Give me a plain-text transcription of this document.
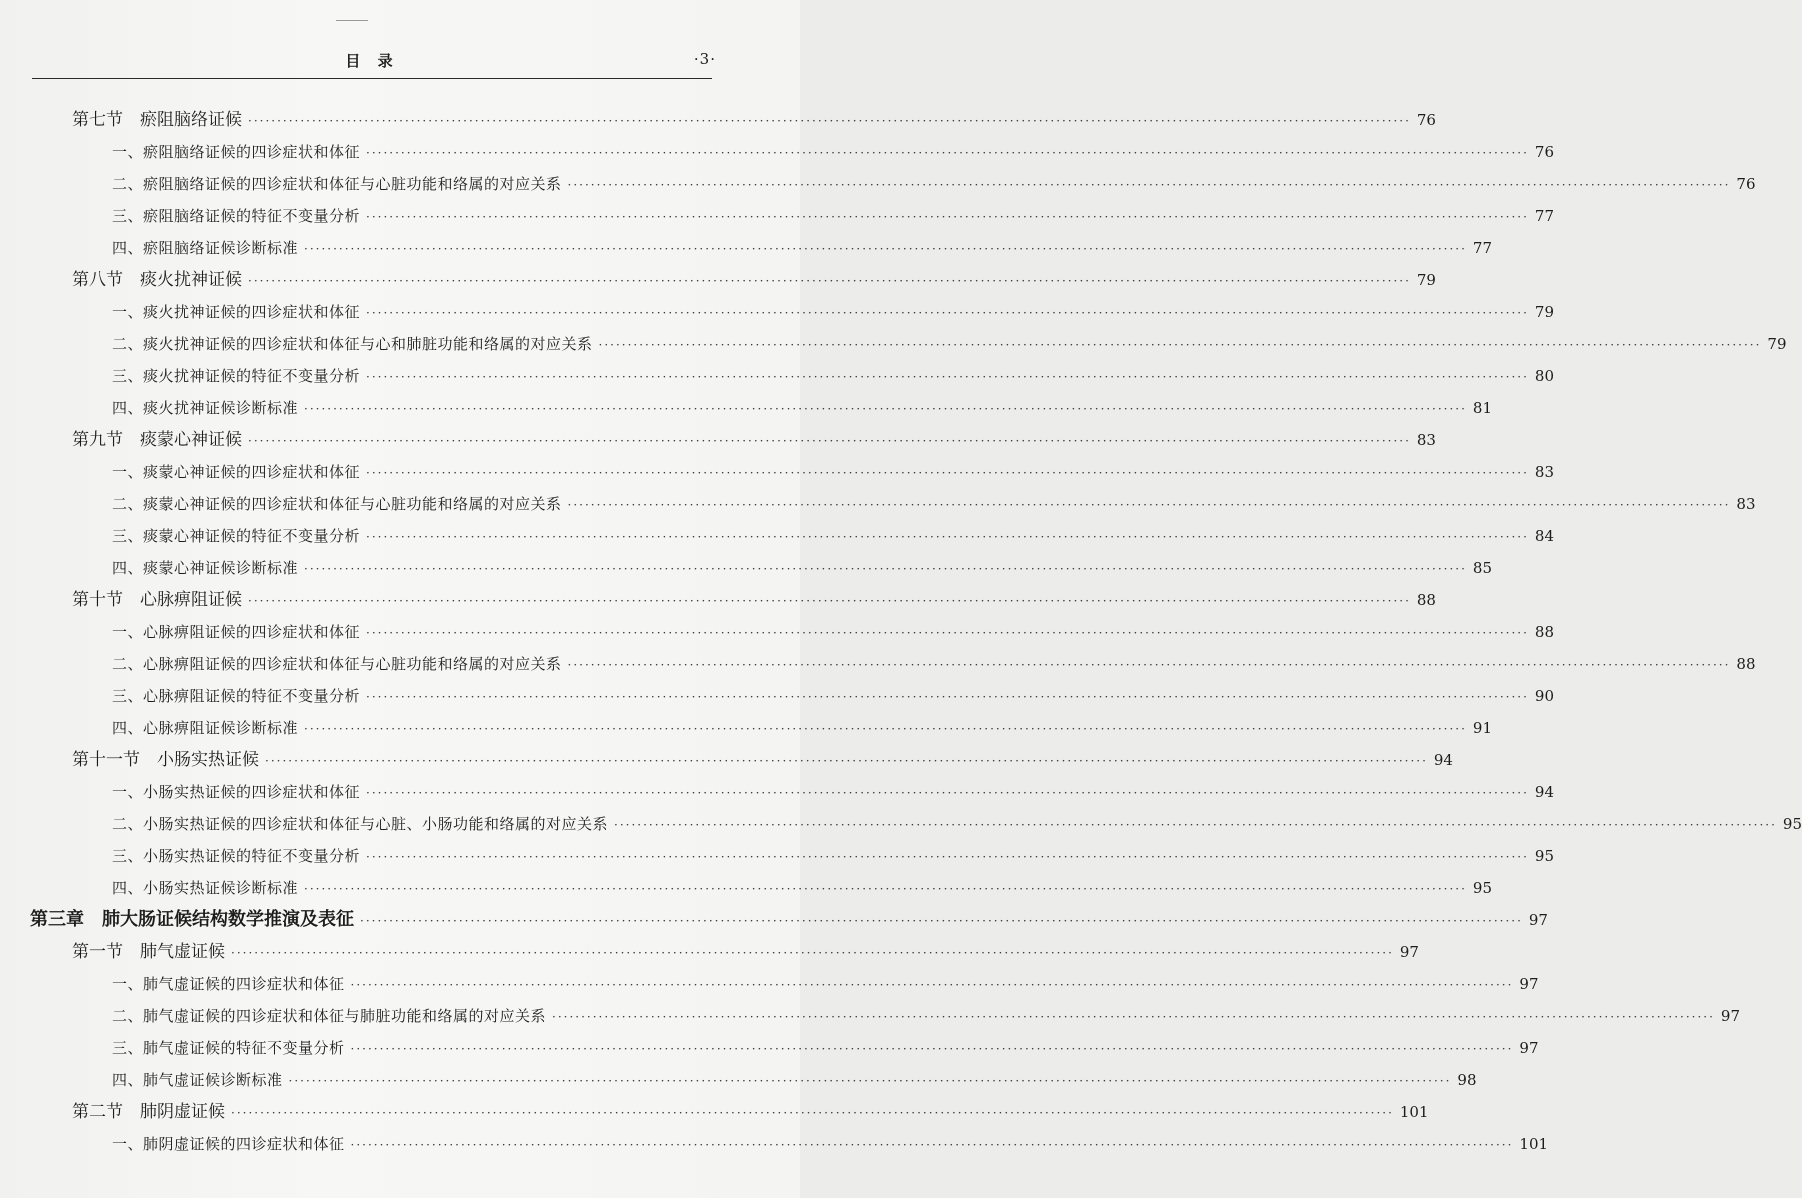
目 录	·3·
第七节　瘀阻脑络证候 ········································································································································································································ 76
一、瘀阻脑络证候的四诊症状和体征 ········································································································································································································ 76
二、瘀阻脑络证候的四诊症状和体征与心脏功能和络属的对应关系 ········································································································································································································ 76
三、瘀阻脑络证候的特征不变量分析 ········································································································································································································ 77
四、瘀阻脑络证候诊断标准 ········································································································································································································ 77
第八节　痰火扰神证候 ········································································································································································································ 79
一、痰火扰神证候的四诊症状和体征 ········································································································································································································ 79
二、痰火扰神证候的四诊症状和体征与心和肺脏功能和络属的对应关系 ········································································································································································································ 79
三、痰火扰神证候的特征不变量分析 ········································································································································································································ 80
四、痰火扰神证候诊断标准 ········································································································································································································ 81
第九节　痰蒙心神证候 ········································································································································································································ 83
一、痰蒙心神证候的四诊症状和体征 ········································································································································································································ 83
二、痰蒙心神证候的四诊症状和体征与心脏功能和络属的对应关系 ········································································································································································································ 83
三、痰蒙心神证候的特征不变量分析 ········································································································································································································ 84
四、痰蒙心神证候诊断标准 ········································································································································································································ 85
第十节　心脉痹阻证候 ········································································································································································································ 88
一、心脉痹阻证候的四诊症状和体征 ········································································································································································································ 88
二、心脉痹阻证候的四诊症状和体征与心脏功能和络属的对应关系 ········································································································································································································ 88
三、心脉痹阻证候的特征不变量分析 ········································································································································································································ 90
四、心脉痹阻证候诊断标准 ········································································································································································································ 91
第十一节　小肠实热证候 ········································································································································································································ 94
一、小肠实热证候的四诊症状和体征 ········································································································································································································ 94
二、小肠实热证候的四诊症状和体征与心脏、小肠功能和络属的对应关系 ········································································································································································································ 95
三、小肠实热证候的特征不变量分析 ········································································································································································································ 95
四、小肠实热证候诊断标准 ········································································································································································································ 95
第三章　肺大肠证候结构数学推演及表征 ········································································································································································································ 97
第一节　肺气虚证候 ········································································································································································································ 97
一、肺气虚证候的四诊症状和体征 ········································································································································································································ 97
二、肺气虚证候的四诊症状和体征与肺脏功能和络属的对应关系 ········································································································································································································ 97
三、肺气虚证候的特征不变量分析 ········································································································································································································ 97
四、肺气虚证候诊断标准 ········································································································································································································ 98
第二节　肺阴虚证候 ········································································································································································································ 101
一、肺阴虚证候的四诊症状和体征 ········································································································································································································ 101
